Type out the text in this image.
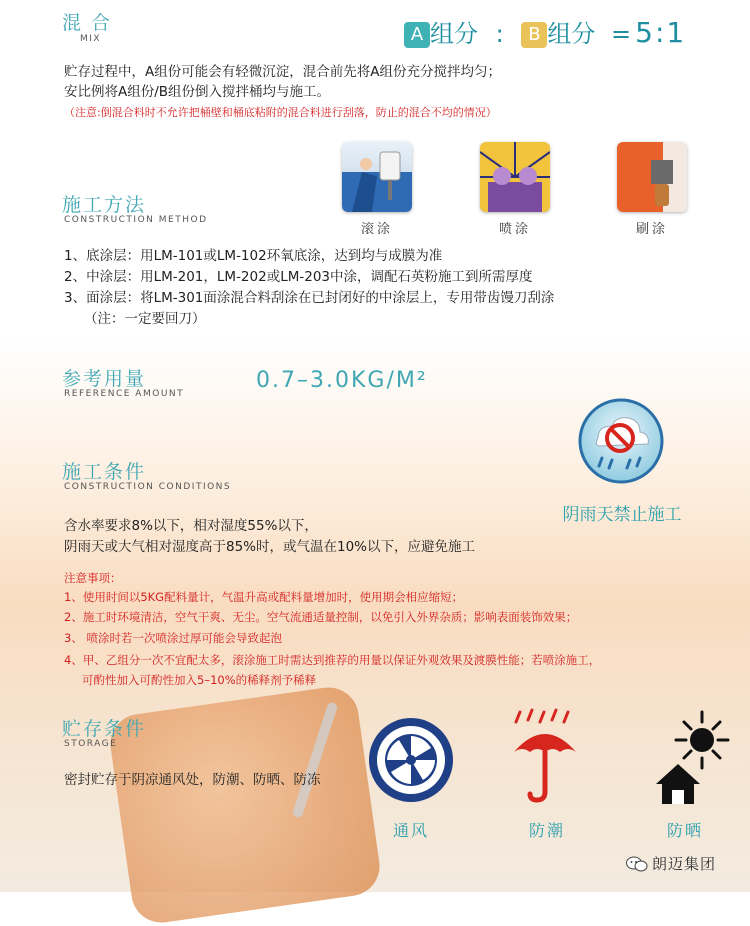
混 合
MIX	A 组分 : B 组分 = 5:1
贮存过程中，A组份可能会有轻微沉淀，混合前先将A组份充分搅拌均匀；
安比例将A组份/B组份倒入搅拌桶均与施工。
（注意:倒混合料时不允许把桶壁和桶底粘附的混合料进行刮落，防止的混合不均的情况）
施工方法
CONSTRUCTION METHOD
滚涂	喷涂	刷涂
1、底涂层：用LM-101或LM-102环氧底涂，达到均与成膜为准
2、中涂层：用LM-201，LM-202或LM-203中涂，调配石英粉施工到所需厚度
3、面涂层：将LM-301面涂混合料刮涂在已封闭好的中涂层上，专用带齿馒刀刮涂
（注：一定要回刀）
参考用量
REFERENCE AMOUNT
0.7–3.0KG/M²
施工条件
CONSTRUCTION CONDITIONS
阴雨天禁止施工
含水率要求8%以下，相对湿度55%以下，
阴雨天或大气相对湿度高于85%时，或气温在10%以下，应避免施工
注意事项：
1、使用时间以5KG配料量计，气温升高或配料量增加时，使用期会相应缩短；
2、施工时环境清洁，空气干爽、无尘。空气流通适量控制，以免引入外界杂质；影响表面装饰效果；
3、 喷涂时若一次喷涂过厚可能会导致起泡
4、甲、乙组分一次不宜配太多，滚涂施工时需达到推荐的用量以保证外观效果及渡膜性能；若喷涂施工，
可酌性加入可酌性加入5–10%的稀释剂予稀释
贮存条件
STORAGE
密封贮存于阴凉通风处，防潮、防晒、防冻
通风	防潮	防晒
朗迈集团
